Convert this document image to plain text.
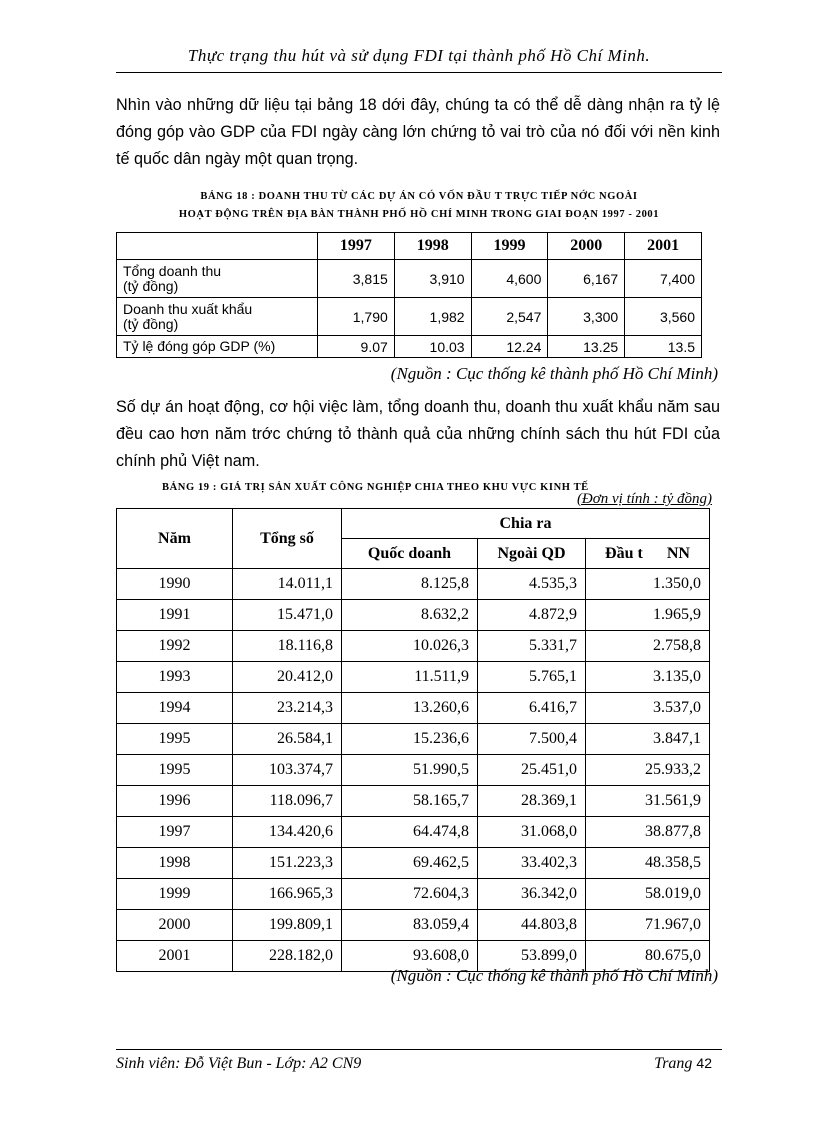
Thực trạng thu hút và sử dụng FDI tại thành phố Hồ Chí Minh.

Nhìn vào những dữ liệu tại bảng 18 dới đây, chúng ta có thể dễ dàng nhận ra tỷ lệ đóng góp vào GDP của FDI ngày càng lớn chứng tỏ vai trò của nó đối với nền kinh tế quốc dân ngày một quan trọng.

BẢNG 18 : DOANH THU TỪ CÁC DỰ ÁN CÓ VỐN ĐẦU T TRỰC TIẾP NỚC NGOÀI

HOẠT ĐỘNG TRÊN ĐỊA BÀN THÀNH PHỐ HỒ CHÍ MINH TRONG GIAI ĐOẠN 1997 - 2001

	1997	1998	1999	2000	2001

Tổng doanh thu
(tỷ đồng)	3,815	3,910	4,600	6,167	7,400

Doanh thu xuất khẩu
(tỷ đồng)	1,790	1,982	2,547	3,300	3,560

Tỷ lệ đóng góp GDP (%)	9.07	10.03	12.24	13.25	13.5
(Nguồn : Cục thống kê thành phố Hồ Chí Minh)

Số dự án hoạt động, cơ hội việc làm, tổng doanh thu, doanh thu xuất khẩu năm sau đều cao hơn năm trớc chứng tỏ thành quả của những chính sách thu hút FDI của chính phủ Việt nam.

BẢNG 19 : GIÁ TRỊ SẢN XUẤT CÔNG NGHIỆP CHIA THEO KHU VỰC KINH TẾ

(Đơn vị tính : tỷ đồng)
Năm	Tổng số	Chia ra		
		Quốc doanh	Ngoài QD	Đầu t      NN
1990	14.011,1	8.125,8	4.535,3	1.350,0
1991	15.471,0	8.632,2	4.872,9	1.965,9
1992	18.116,8	10.026,3	5.331,7	2.758,8
1993	20.412,0	11.511,9	5.765,1	3.135,0
1994	23.214,3	13.260,6	6.416,7	3.537,0
1995	26.584,1	15.236,6	7.500,4	3.847,1
1995	103.374,7	51.990,5	25.451,0	25.933,2
1996	118.096,7	58.165,7	28.369,1	31.561,9
1997	134.420,6	64.474,8	31.068,0	38.877,8
1998	151.223,3	69.462,5	33.402,3	48.358,5
1999	166.965,3	72.604,3	36.342,0	58.019,0
2000	199.809,1	83.059,4	44.803,8	71.967,0
2001	228.182,0	93.608,0	53.899,0	80.675,0
(Nguồn : Cục thống kê thành phố Hồ Chí Minh)
Sinh viên: Đỗ Việt Bun - Lớp: A2 CN9	Trang 42
